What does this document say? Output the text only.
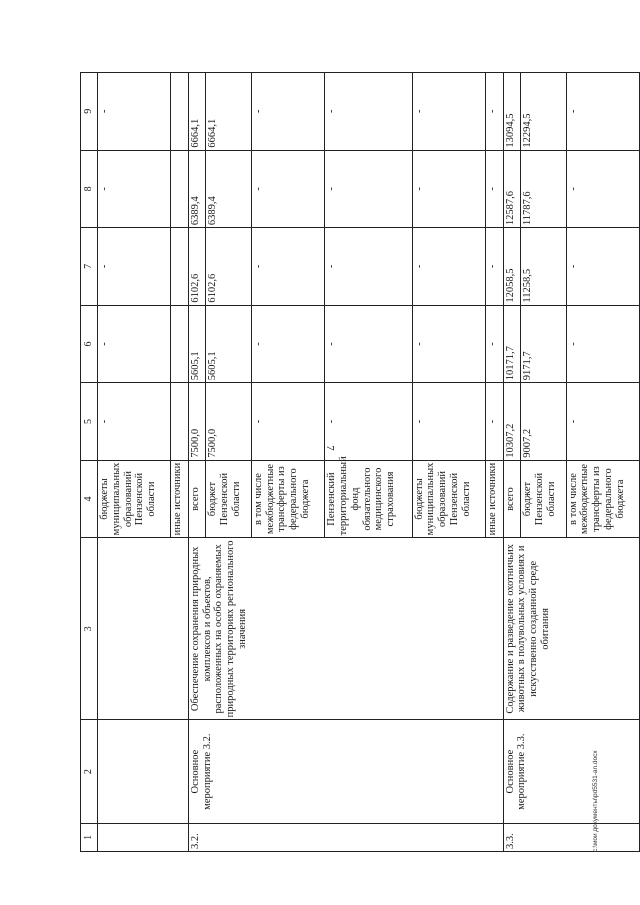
7
1	2	3	4	5	6	7	8	9
			бюджеты муниципальных образований Пензенской области	-	-	-	-	-
			иные источники					
3.2.	Основное мероприятие 3.2.	Обеспечение сохранения природных комплексов и объектов, расположенных на особо охраняемых природных территориях регионального значения	всего	7500,0	5605,1	6102,6	6389,4	6664,1
			бюджет Пензенской области	7500,0	5605,1	6102,6	6389,4	6664,1
			в том числе межбюджетные трансферты из федерального бюджета	-	-	-	-	-
			Пензенский территориальный фонд обязательного медицинского страхования	-	-	-	-	-
			бюджеты муниципальных образований Пензенской области	-	-	-	-	-
			иные источники	-	-	-	-	-
3.3.	Основное мероприятие 3.3.	Содержание и разведение охотничьих животных в полувольных условиях и искусственно созданной среде обитания	всего	10307,2	10171,7	12058,5	12587,6	13094,5
			бюджет Пензенской области	9007,2	9171,7	11258,5	11787,6	12294,5
			в том числе межбюджетные трансферты из федерального бюджета	-	-	-	-	-
c:\мои документы\pd5531-an.docx
